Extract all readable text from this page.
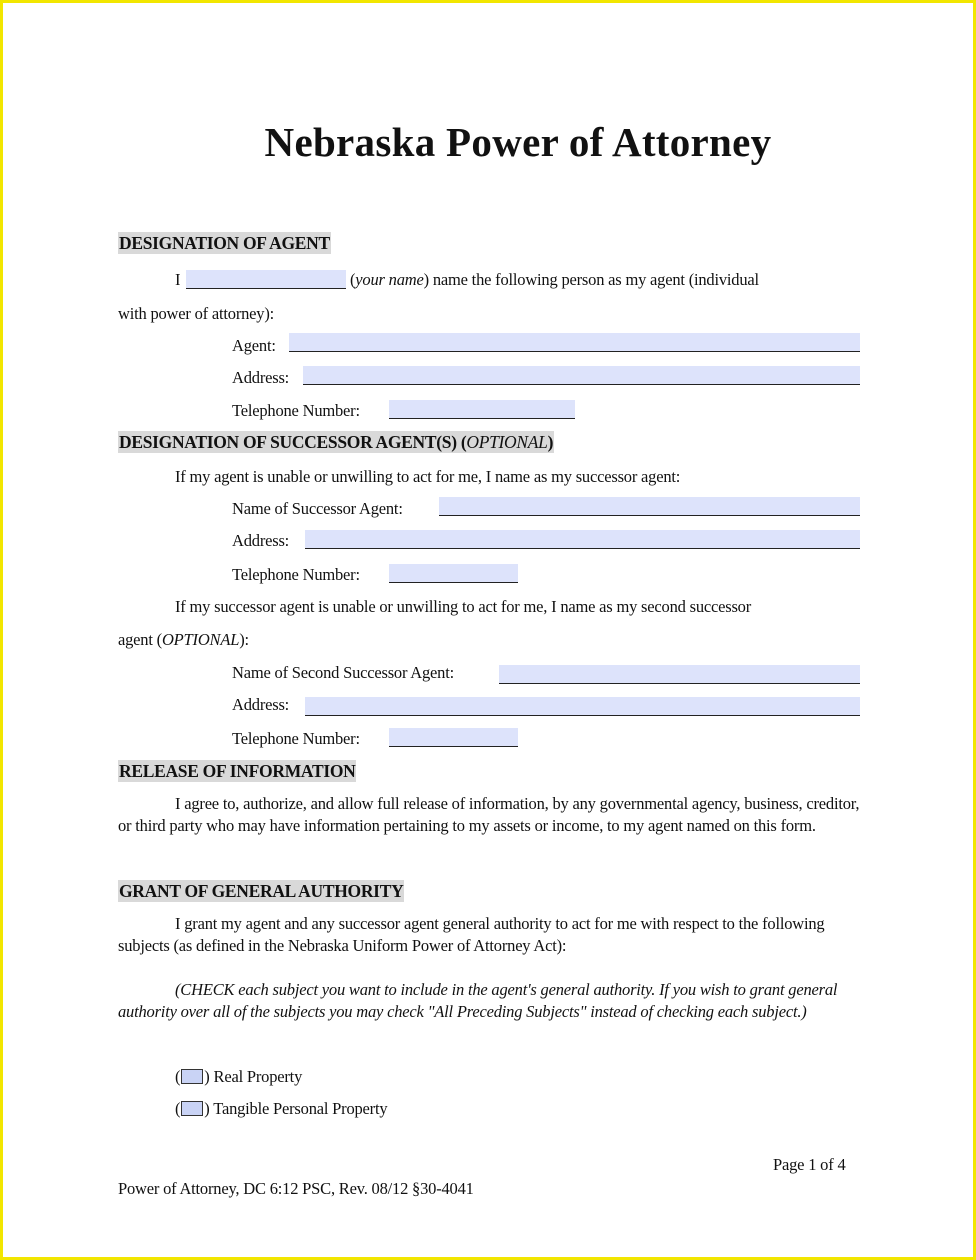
Nebraska Power of Attorney
DESIGNATION OF AGENT
I	(your name) name the following person as my agent (individual
with power of attorney):
Agent:
Address:
Telephone Number:
DESIGNATION OF SUCCESSOR AGENT(S) (OPTIONAL)
If my agent is unable or unwilling to act for me, I name as my successor agent:
Name of Successor Agent:
Address:
Telephone Number:
If my successor agent is unable or unwilling to act for me, I name as my second successor
agent (OPTIONAL):
Name of Second Successor Agent:
Address:
Telephone Number:
RELEASE OF INFORMATION
I agree to, authorize, and allow full release of information, by any governmental agency, business, creditor, or third party who may have information pertaining to my assets or income, to my agent named on this form.
GRANT OF GENERAL AUTHORITY
I grant my agent and any successor agent general authority to act for me with respect to the following subjects (as defined in the Nebraska Uniform Power of Attorney Act):
(CHECK each subject you want to include in the agent's general authority. If you wish to grant general authority over all of the subjects you may check "All Preceding Subjects" instead of checking each subject.)
( ) Real Property
( ) Tangible Personal Property
Page 1 of 4
Power of Attorney, DC 6:12 PSC, Rev. 08/12 §30-4041
